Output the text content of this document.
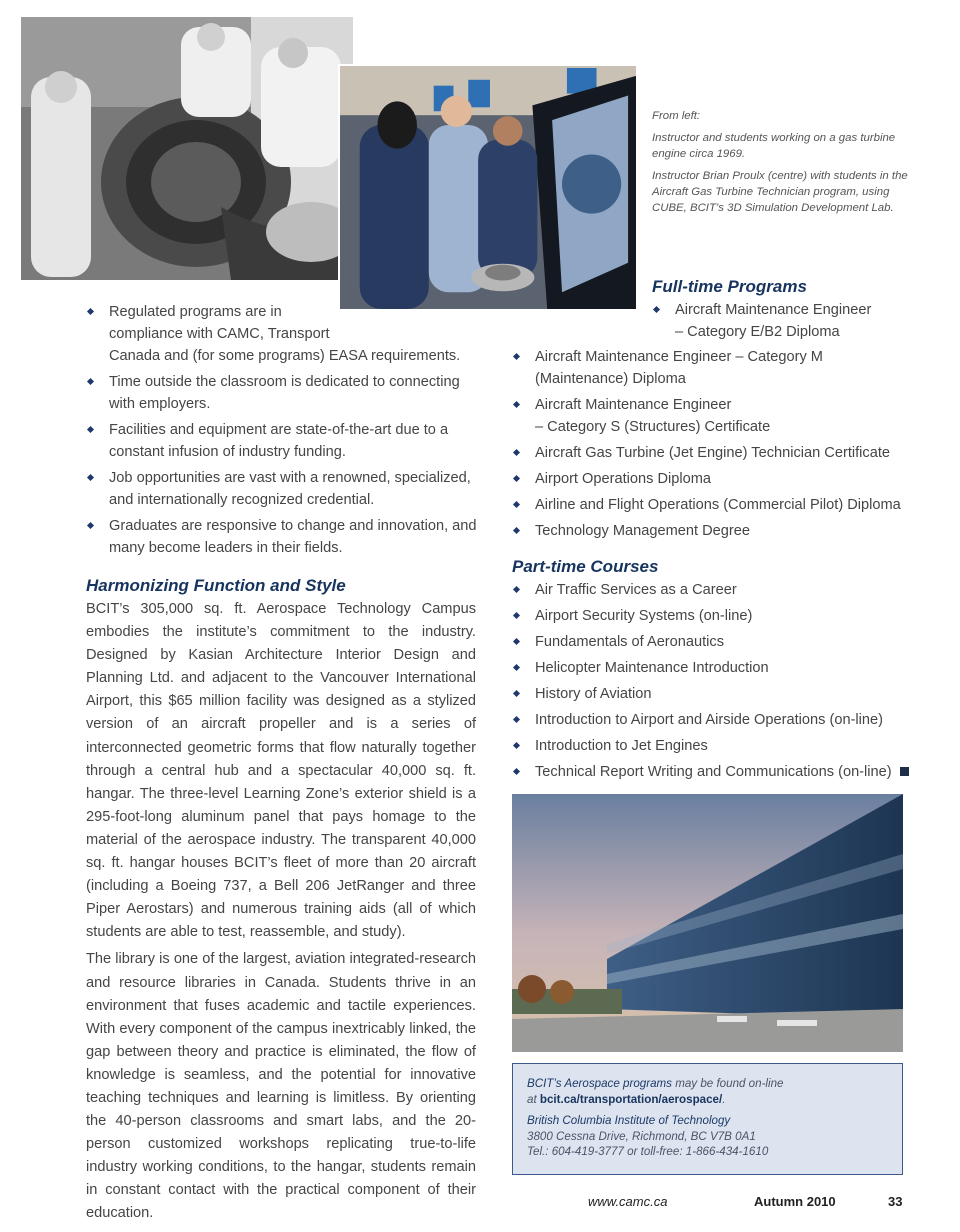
From left:

Instructor and students working on a gas turbine engine circa 1969.

Instructor Brian Proulx (centre) with students in the Aircraft Gas Turbine Technician program, using CUBE, BCIT’s 3D Simulation Development Lab.

Regulated programs are in
compliance with CAMC, Transport
Canada and (for some programs) EASA requirements.
Time outside the classroom is dedicated to connecting
with employers.
Facilities and equipment are state-of-the-art due to a
constant infusion of industry funding.
Job opportunities are vast with a renowned, specialized,
and internationally recognized credential.
Graduates are responsive to change and innovation, and
many become leaders in their fields.
Harmonizing Function and Style

BCIT’s 305,000 sq. ft. Aerospace Technology Campus embodies the institute’s commitment to the industry. Designed by Kasian Architecture Interior Design and Planning Ltd. and adjacent to the Vancouver International Airport, this $65 million facility was designed as a stylized version of an aircraft propeller and is a series of interconnected geometric forms that flow naturally together through a central hub and a spectacular 40,000 sq. ft. hangar. The three-level Learning Zone’s exterior shield is a 295-foot-long aluminum panel that pays homage to the material of the aerospace industry. The transparent 40,000 sq. ft. hangar houses BCIT’s fleet of more than 20 aircraft (including a Boeing 737, a Bell 206 JetRanger and three Piper Aerostars) and numerous training aids (all of which students are able to test, reassemble, and study).

The library is one of the largest, aviation integrated-research and resource libraries in Canada. Students thrive in an environment that fuses academic and tactile experiences. With every component of the campus inextricably linked, the gap between theory and practice is eliminated, the flow of knowledge is seamless, and the potential for innovative teaching techniques and learning is limitless. By orienting the 40-person classrooms and smart labs, and the 20-person customized workshops replicating true-to-life industry working conditions, to the hangar, students remain in constant contact with the practical component of their education.

Full-time Programs
Aircraft Maintenance Engineer
– Category E/B2 Diploma
Aircraft Maintenance Engineer – Category M
(Maintenance) Diploma
Aircraft Maintenance Engineer
– Category S (Structures) Certificate
Aircraft Gas Turbine (Jet Engine) Technician Certificate
Airport Operations Diploma
Airline and Flight Operations (Commercial Pilot) Diploma
Technology Management Degree
Part-time Courses
Air Traffic Services as a Career
Airport Security Systems (on-line)
Fundamentals of Aeronautics
Helicopter Maintenance Introduction
History of Aviation
Introduction to Airport and Airside Operations (on-line)
Introduction to Jet Engines
Technical Report Writing and Communications (on-line)
BCIT’s Aerospace programs may be found on-line
at bcit.ca/transportation/aerospace/.
British Columbia Institute of Technology
3800 Cessna Drive, Richmond, BC V7B 0A1
Tel.: 604-419-3777 or toll-free: 1-866-434-1610
www.camc.ca	Autumn 2010	33
